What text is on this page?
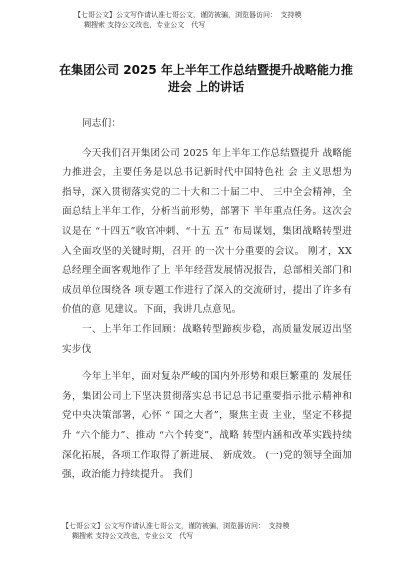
【七哥公文】公文写作请认准七哥公文，谨防被骗，浏览器访问：　支持模
糊搜索 支持公文改也，专业公文　代写
在集团公司 2025 年上半年工作总结暨提升战略能力推进会 上的讲话

同志们：

今天我们召开集团公司 2025 年上半年工作总结暨提升 战略能力推进会，主要任务是以总书记新时代中国特色社 会 主义思想为指导，深入贯彻落实党的二十大和二十届二中、 三中全会精神，全面总结上半年工作，分析当前形势，部署下 半年重点任务。这次会议是在 “十四五”收官冲刺、“十五 五” 布局谋划，集团战略转型进入全面攻坚的关键时期，召开 的一次十分重要的会议。 刚才，XX 总经理全面客观地作了上 半年经营发展情况报告，总部相关部门和成员单位围绕各 项专题工作进行了深入的交流研讨，提出了许多有价值的意 见建议。下面，我讲几点意见。

一、上半年工作回顾：战略转型蹄疾步稳，高质量发展迈出坚实步伐

今年上半年，面对复杂严峻的国内外形势和艰巨繁重的 发展任务，集团公司上下坚决贯彻落实总书记总书记重要指示批示精神和党中央决策部署，心怀 “ 国之大者”，聚焦主责 主业，坚定不移提升 “六个能力”、推动 “六个转变”，战略 转型内涵和改革实践持续深化拓展，各项工作取得了新进展、 新成效。 (一)党的领导全面加强，政治能力持续提升。 我们

【七哥公文】公文写作请认准七哥公文，谨防被骗，浏览器访问：　支持模
糊搜索 支持公文改也，专业公文　代写
